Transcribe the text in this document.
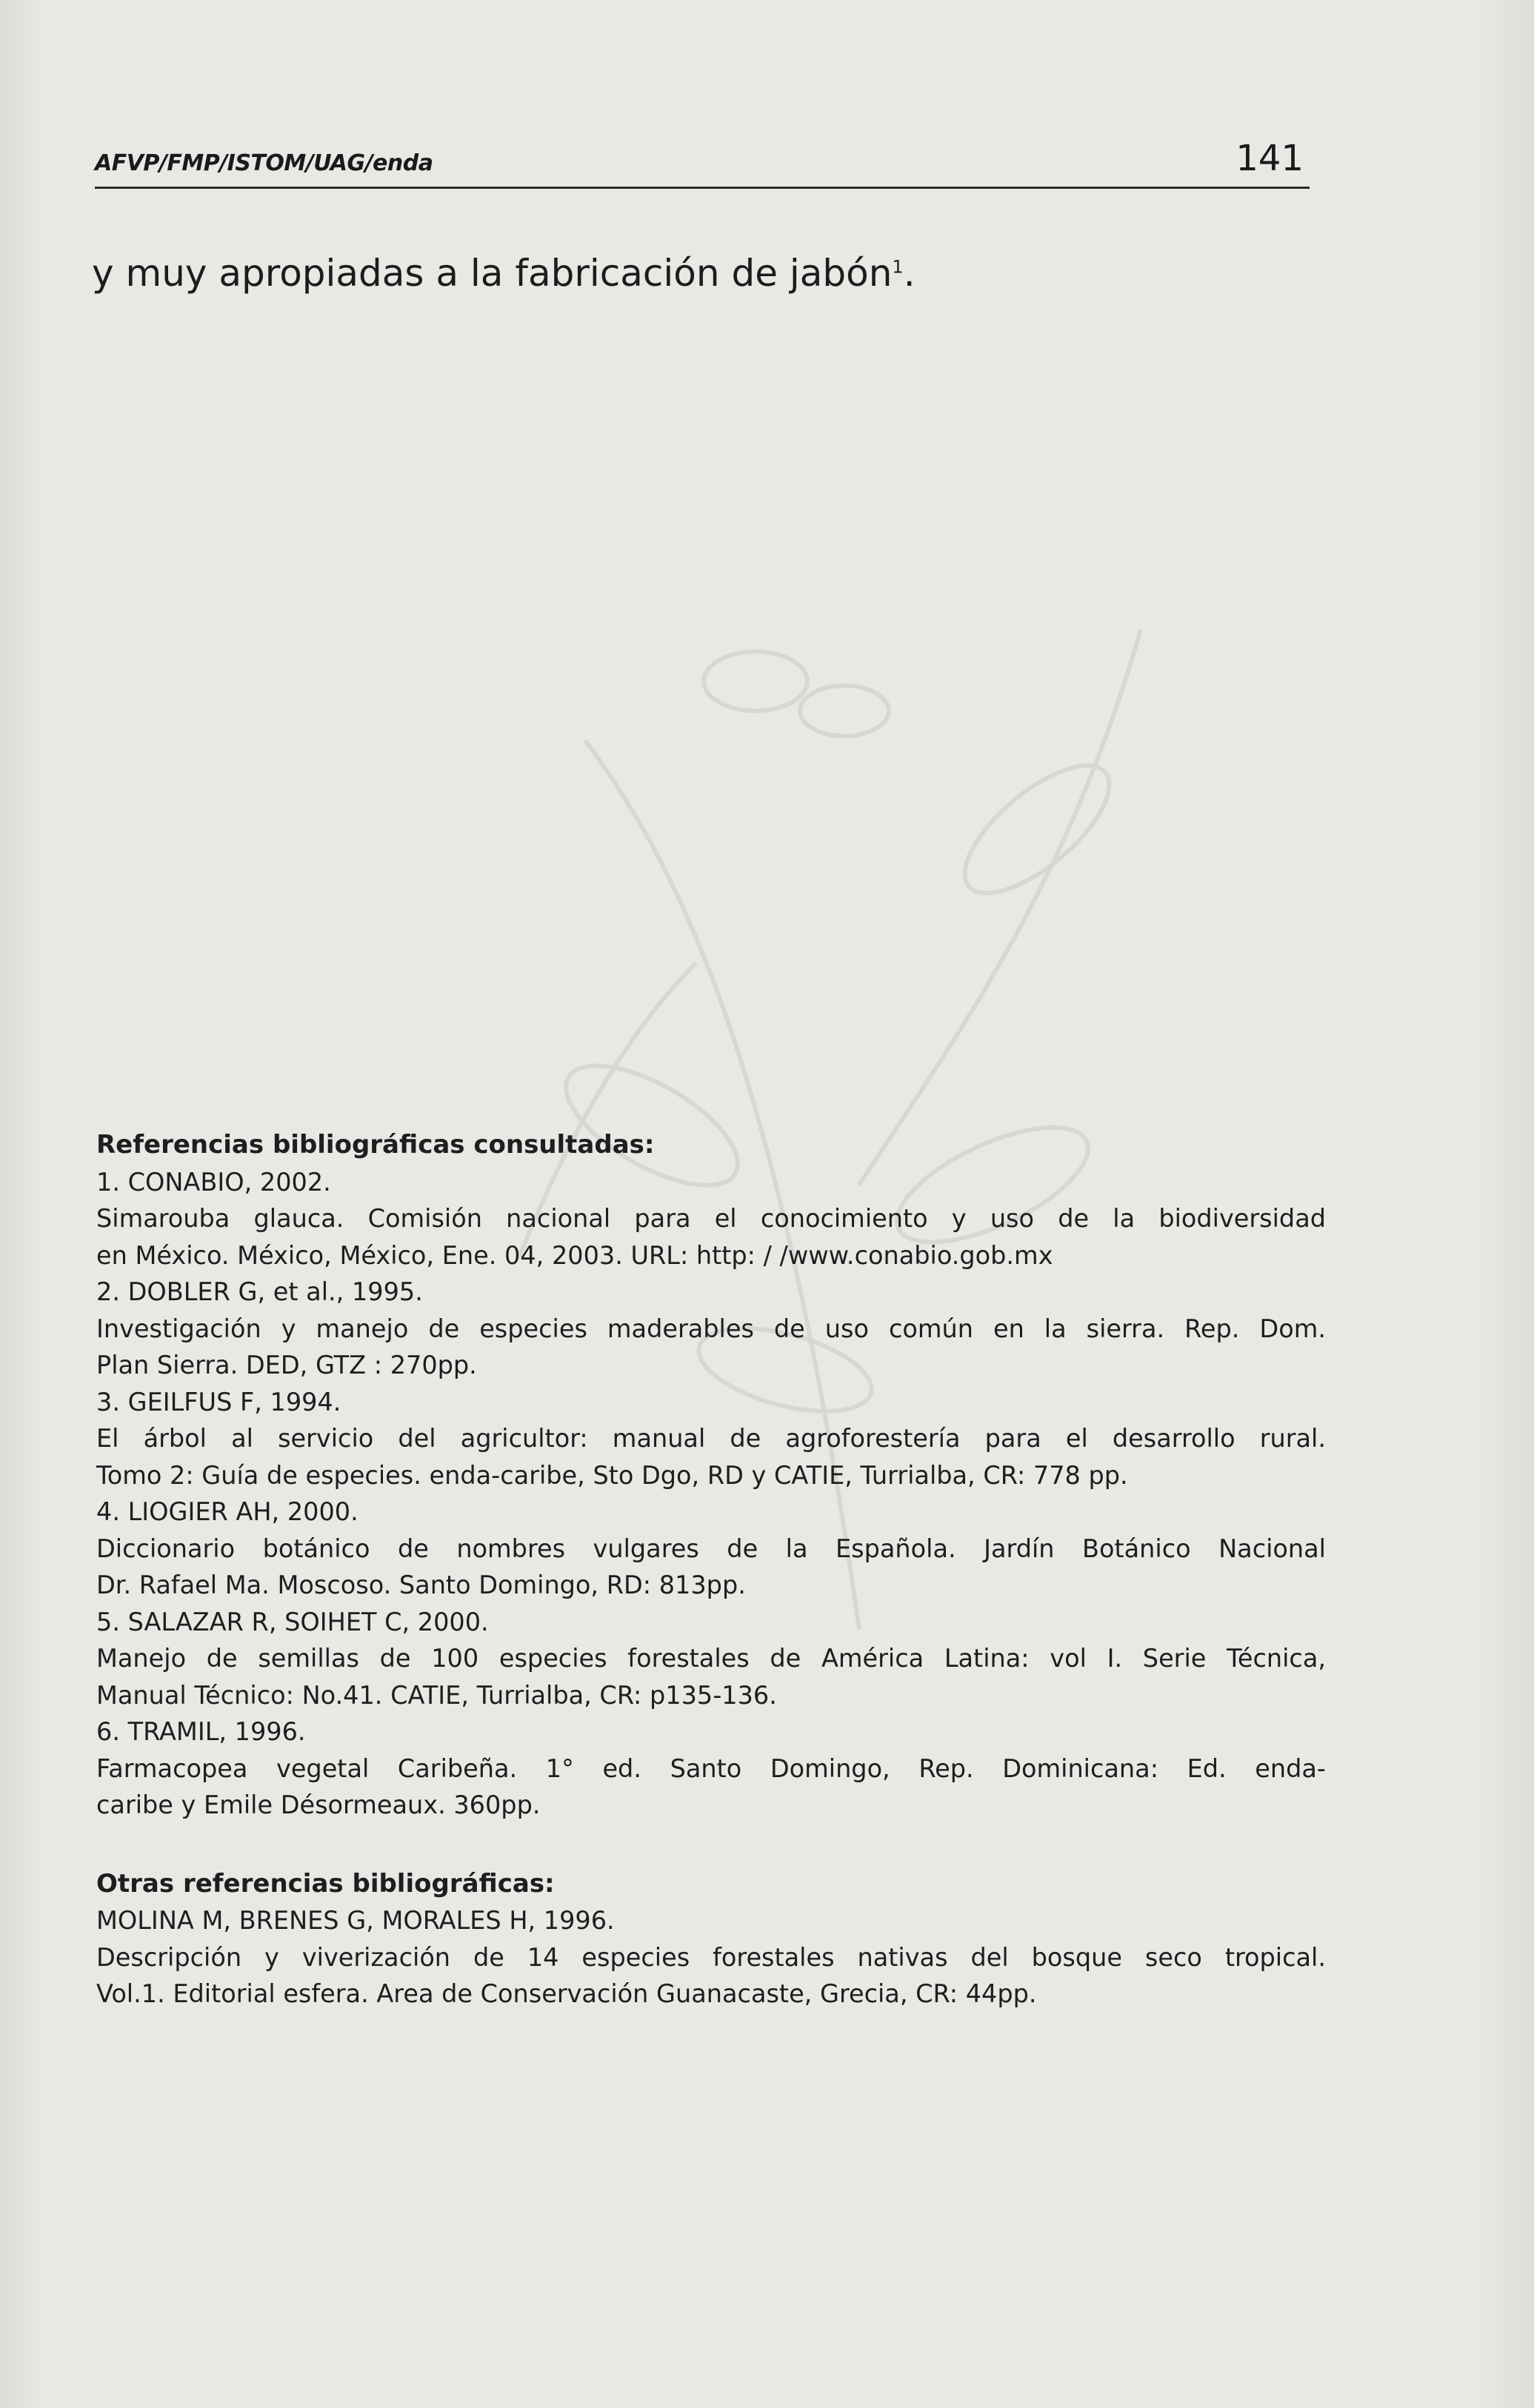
AFVP/FMP/ISTOM/UAG/enda	141
y muy apropiadas a la fabricación de jabón$^1$.
Referencias bibliográficas consultadas:
1. CONABIO, 2002.
Simarouba glauca. Comisión nacional para el conocimiento y uso de la biodiversidad
en México. México, México, Ene. 04, 2003. URL: http: / /www.conabio.gob.mx
2. DOBLER G, et al., 1995.
Investigación y manejo de especies maderables de uso común en la sierra. Rep. Dom.
Plan Sierra. DED, GTZ : 270pp.
3. GEILFUS F, 1994.
El árbol al servicio del agricultor: manual de agroforestería para el desarrollo rural.
Tomo 2: Guía de especies. enda-caribe, Sto Dgo, RD y CATIE, Turrialba, CR: 778 pp.
4. LIOGIER AH, 2000.
Diccionario botánico de nombres vulgares de la Española. Jardín Botánico Nacional
Dr. Rafael Ma. Moscoso. Santo Domingo, RD: 813pp.
5. SALAZAR R, SOIHET C, 2000.
Manejo de semillas de 100 especies forestales de América Latina: vol I. Serie Técnica,
Manual Técnico: No.41. CATIE, Turrialba, CR: p135-136.
6. TRAMIL, 1996.
Farmacopea vegetal Caribeña. 1° ed. Santo Domingo, Rep. Dominicana: Ed. enda-
caribe y Emile Désormeaux. 360pp.
Otras referencias bibliográficas:
MOLINA M, BRENES G, MORALES H, 1996.
Descripción y viverización de 14 especies forestales nativas del bosque seco tropical.
Vol.1. Editorial esfera. Area de Conservación Guanacaste, Grecia, CR: 44pp.
